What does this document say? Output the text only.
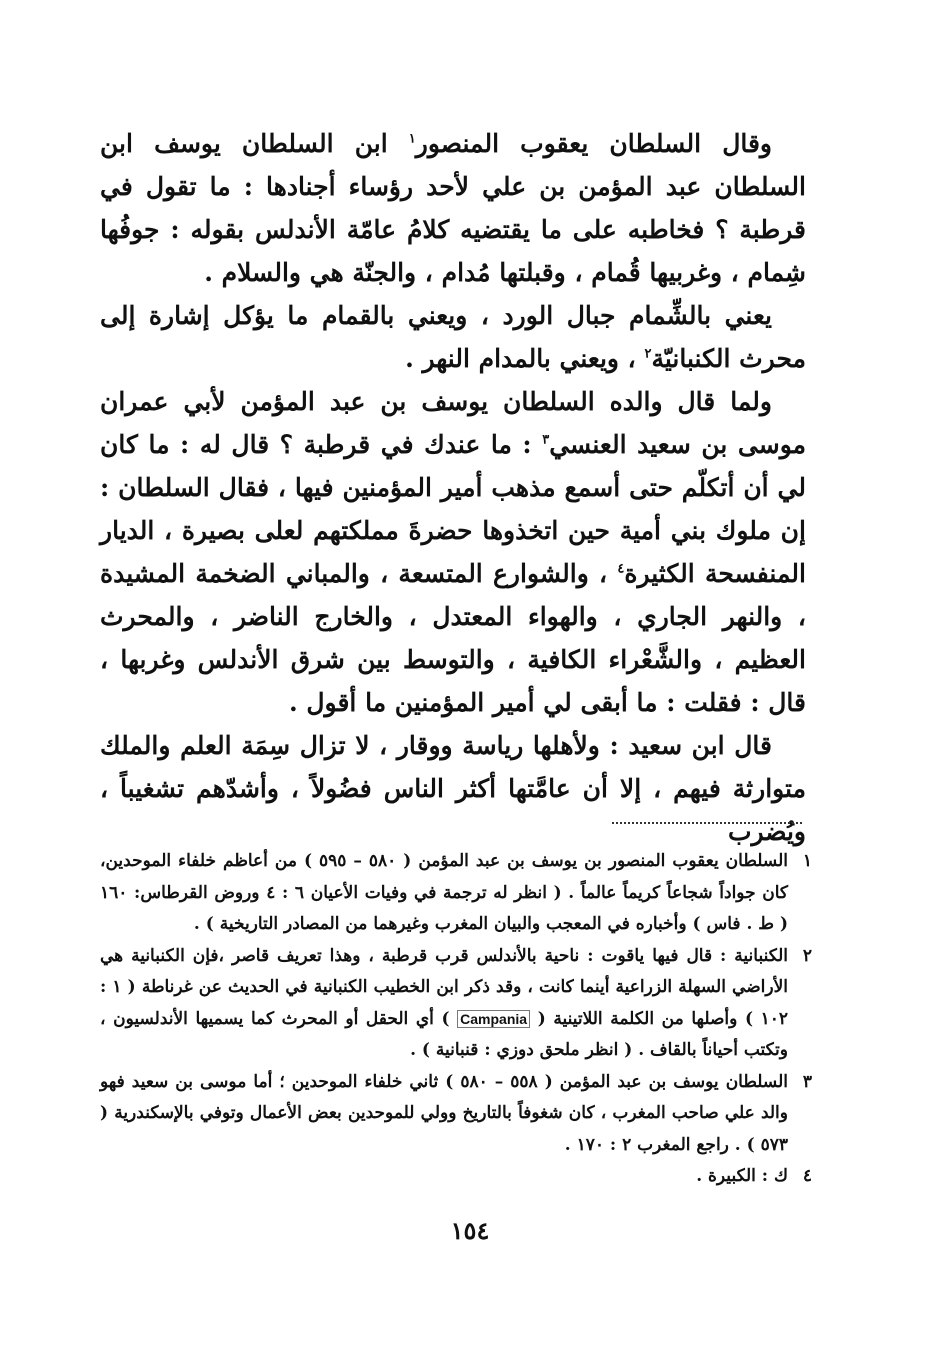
وقال السلطان يعقوب المنصور$^١$ ابن السلطان يوسف ابن السلطان عبد المؤمن بن علي لأحد رؤساء أجنادها : ما تقول في قرطبة ؟ فخاطبه على ما يقتضيه كلامُ عامّة الأندلس بقوله : جوفُها شِمام ، وغربيها قُمام ، وقبلتها مُدام ، والجنّة هي والسلام .

يعني بالشِّمام جبال الورد ، ويعني بالقمام ما يؤكل إشارة إلى محرث الكنبانيّة$^٢$ ، ويعني بالمدام النهر .

ولما قال والده السلطان يوسف بن عبد المؤمن لأبي عمران موسى بن سعيد العنسي$^٣$ : ما عندك في قرطبة ؟ قال له : ما كان لي أن أتكلّم حتى أسمع مذهب أمير المؤمنين فيها ، فقال السلطان : إن ملوك بني أمية حين اتخذوها حضرةَ مملكتهم لعلى بصيرة ، الديار المنفسحة الكثيرة$^٤$ ، والشوارع المتسعة ، والمباني الضخمة المشيدة ، والنهر الجاري ، والهواء المعتدل ، والخارج الناضر ، والمحرث العظيم ، والشَّعْراء الكافية ، والتوسط بين شرق الأندلس وغربها ، قال : فقلت : ما أبقى لي أمير المؤمنين ما أقول .

قال ابن سعيد : ولأهلها رياسة ووقار ، لا تزال سِمَة العلم والملك متوارثة فيهم ، إلا أن عامَّتها أكثر الناس فضُولاً ، وأشدّهم تشغيباً ، ويُضرب

١
السلطان يعقوب المنصور بن يوسف بن عبد المؤمن ( ٥٨٠ – ٥٩٥ ) من أعاظم خلفاء الموحدين، كان جواداً شجاعاً كريماً عالماً . ( انظر له ترجمة في وفيات الأعيان ٦ : ٤ وروض القرطاس: ١٦٠ ( ط . فاس ) وأخباره في المعجب والبيان المغرب وغيرهما من المصادر التاريخية ) .
٢
الكنبانية : قال فيها ياقوت : ناحية بالأندلس قرب قرطبة ، وهذا تعريف قاصر ،فإن الكنبانية هي الأراضي السهلة الزراعية أينما كانت ، وقد ذكر ابن الخطيب الكنبانية في الحديث عن غرناطة ( ١ : ١٠٢ ) وأصلها من الكلمة اللاتينية ( Campania ) أي الحقل أو المحرث كما يسميها الأندلسيون ، وتكتب أحياناً بالقاف . ( انظر ملحق دوزي : قنبانية ) .
٣
السلطان يوسف بن عبد المؤمن ( ٥٥٨ – ٥٨٠ ) ثاني خلفاء الموحدين ؛ أما موسى بن سعيد فهو والد علي صاحب المغرب ، كان شغوفاً بالتاريخ وولي للموحدين بعض الأعمال وتوفي بالإسكندرية ( ٥٧٣ ) . راجع المغرب ٢ : ١٧٠ .
٤
ك : الكبيرة .
١٥٤
